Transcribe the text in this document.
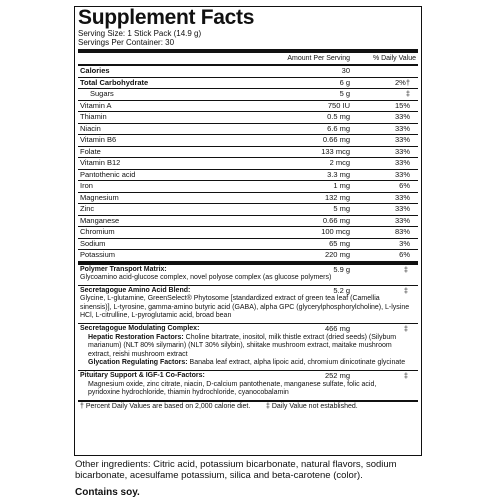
Supplement Facts
Serving Size: 1 Stick Pack (14.9 g)
Servings Per Container: 30
Amount Per Serving	% Daily Value
Calories	30
Total Carbohydrate	6 g	2%†
Sugars	5 g	‡
Vitamin A	750 IU	15%
Thiamin	0.5 mg	33%
Niacin	6.6 mg	33%
Vitamin B6	0.66 mg	33%
Folate	133 mcg	33%
Vitamin B12	2 mcg	33%
Pantothenic acid	3.3 mg	33%
Iron	1 mg	6%
Magnesium	132 mg	33%
Zinc	5 mg	33%
Manganese	0.66 mg	33%
Chromium	100 mcg	83%
Sodium	65 mg	3%
Potassium	220 mg	6%
Polymer Transport Matrix:	5.9 g	‡
Glycoamino acid-glucose complex, novel polyose complex (as glucose polymers)
Secretagogue Amino Acid Blend:	5.2 g	‡
Glycine, L-glutamine, GreenSelect® Phytosome [standardized extract of green tea leaf (Camellia sinensis)], L-tyrosine, gamma-amino butyric acid (GABA), alpha GPC (glycerylphosphorylcholine), L-lysine HCl, L-citrulline, L-pyroglutamic acid, broad bean
Secretagogue Modulating Complex:	466 mg	‡
Hepatic Restoration Factors: Choline bitartrate, inositol, milk thistle extract (dried seeds) (Silybum marianum) (NLT 80% silymarin) (NLT 30% silybin), shiitake mushroom extract, maitake mushroom extract, reishi mushroom extract
Glycation Regulating Factors: Banaba leaf extract, alpha lipoic acid, chromium dinicotinate glycinate
Pituitary Support & IGF-1 Co-Factors:	252 mg	‡
Magnesium oxide, zinc citrate, niacin, D-calcium pantothenate, manganese sulfate, folic acid, pyridoxine hydrochloride, thiamin hydrochloride, cyanocobalamin
† Percent Daily Values are based on 2,000 calorie diet. ‡ Daily Value not established.
Other ingredients: Citric acid, potassium bicarbonate, natural flavors, sodium bicarbonate, acesulfame potassium, silica and beta-carotene (color).
Contains soy.
